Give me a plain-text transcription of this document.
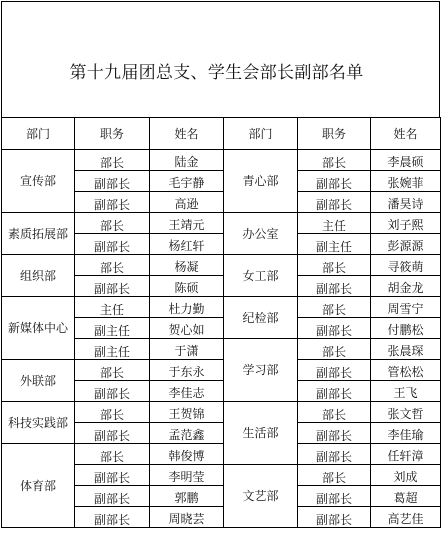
第十九届团总支、学生会部长副部名单
部门	职务	姓名	部门	职务	姓名
宣传部	部长	陆金	青心部	部长	李晨硕
	副部长	毛宇静		副部长	张婉菲
	副部长	高逊		副部长	潘昊诗
素质拓展部	部长	王靖元	办公室	主任	刘子熙
	副部长	杨红轩		副主任	彭源源
组织部	部长	杨凝	女工部	部长	寻筱萌
	副部长	陈硕		副部长	胡金龙
新媒体中心	主任	杜力勤	纪检部	部长	周雪宁
	副主任	贺心如		副部长	付鹏松
	副主任	于潇	学习部	部长	张晨琛
外联部	部长	于东永		副部长	管松松
	副部长	李佳志		副部长	王飞
科技实践部	部长	王贺锦	生活部	部长	张文哲
	副部长	孟范鑫		副部长	李佳瑜
体育部	部长	韩俊博		副部长	任轩漳
	副部长	李明莹	文艺部	部长	刘成
	副部长	郭鹏		副部长	葛超
	副部长	周晓芸		副部长	高艺佳
